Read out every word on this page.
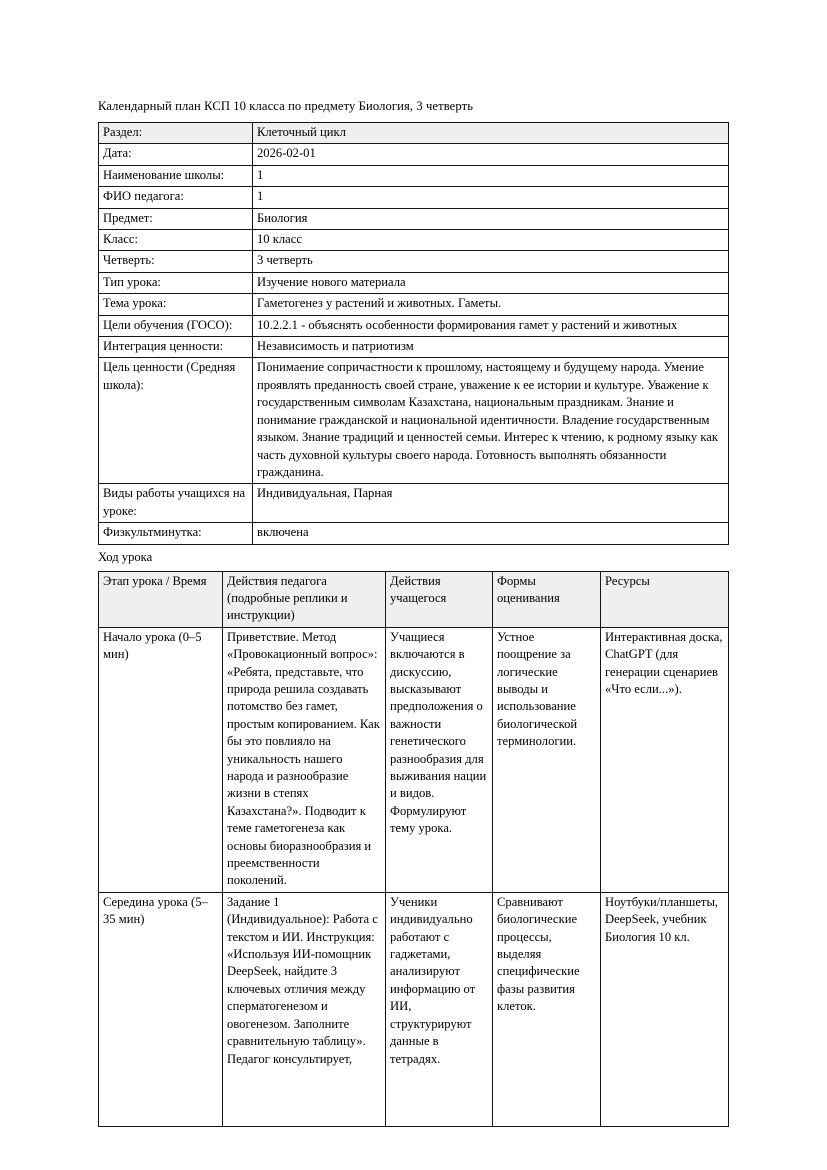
Календарный план КСП 10 класса по предмету Биология, 3 четверть

Раздел:	Клеточный цикл
Дата:	2026-02-01
Наименование школы:	1
ФИО педагога:	1
Предмет:	Биология
Класс:	10 класс
Четверть:	3 четверть
Тип урока:	Изучение нового материала
Тема урока:	Гаметогенез у растений и животных. Гаметы.
Цели обучения (ГОСО):	10.2.2.1 - объяснять особенности формирования гамет у растений и животных
Интеграция ценности:	Независимость и патриотизм
Цель ценности (Средняя школа):	Понимаение сопричастности к прошлому, настоящему и будущему народа. Умение проявлять преданность своей стране, уважение к ее истории и культуре. Уважение к государственным символам Казахстана, национальным праздникам. Знание и понимание гражданской и национальной идентичности. Владение государственным языком. Знание традиций и ценностей семьи. Интерес к чтению, к родному языку как часть духовной культуры своего народа. Готовность выполнять обязанности гражданина.
Виды работы учащихся на уроке:	Индивидуальная, Парная
Физкультминутка:	включена

Ход урока

Этап урока / Время	Действия педагога (подробные реплики и инструкции)	Действия учащегося	Формы оценивания	Ресурсы
Начало урока (0–5 мин)	Приветствие. Метод «Провокационный вопрос»: «Ребята, представьте, что природа решила создавать потомство без гамет, простым копированием. Как бы это повлияло на уникальность нашего народа и разнообразие жизни в степях Казахстана?». Подводит к теме гаметогенеза как основы биоразнообразия и преемственности поколений.	Учащиеся включаются в дискуссию, высказывают предположения о важности генетического разнообразия для выживания нации и видов. Формулируют тему урока.	Устное поощрение за логические выводы и использование биологической терминологии.	Интерактивная доска, ChatGPT (для генерации сценариев «Что если...»).
Середина урока (5–35 мин)	Задание 1 (Индивидуальное): Работа с текстом и ИИ. Инструкция: «Используя ИИ-помощник DeepSeek, найдите 3 ключевых отличия между сперматогенезом и овогенезом. Заполните сравнительную таблицу». Педагог консультирует,	Ученики индивидуально работают с гаджетами, анализируют информацию от ИИ, структурируют данные в тетрадях.	Сравнивают биологические процессы, выделяя специфические фазы развития клеток.	Ноутбуки/планшеты, DeepSeek, учебник Биология 10 кл.
